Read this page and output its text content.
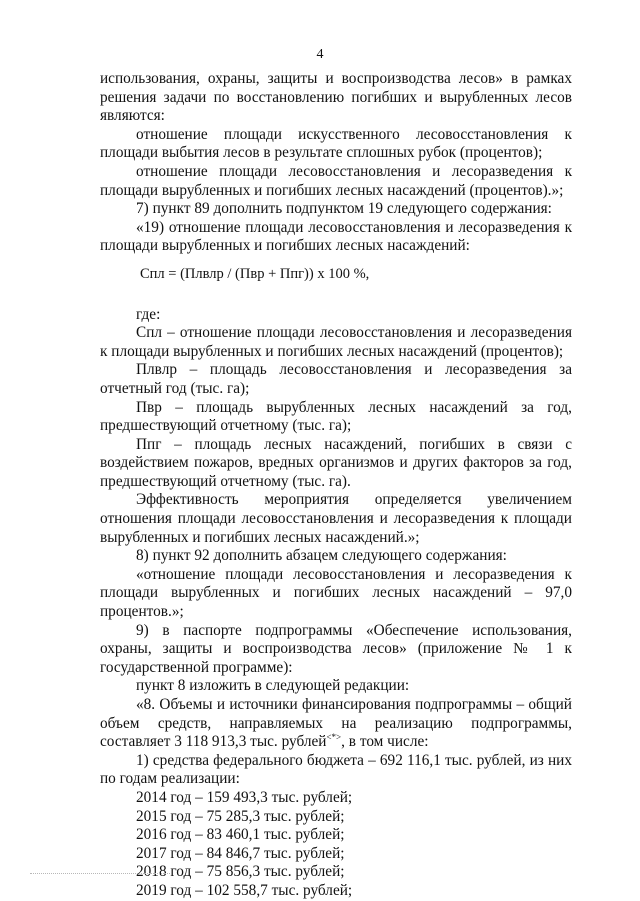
4

использования, охраны, защиты и воспроизводства лесов» в рамках решения задачи по восстановлению погибших и вырубленных лесов являются:

отношение площади искусственного лесовосстановления к площади выбытия лесов в результате сплошных рубок (процентов);

отношение площади лесовосстановления и лесоразведения к площади вырубленных и погибших лесных насаждений (процентов).»;

7) пункт 89 дополнить подпунктом 19 следующего содержания:

«19) отношение площади лесовосстановления и лесоразведения к площади вырубленных и погибших лесных насаждений:

Спл = (Плвлр / (Пвр + Ппг)) х 100 %,

где:

Спл – отношение площади лесовосстановления и лесоразведения к площади вырубленных и погибших лесных насаждений (процентов);

Плвлр – площадь лесовосстановления и лесоразведения за отчетный год (тыс. га);

Пвр – площадь вырубленных лесных насаждений за год, предшествующий отчетному (тыс. га);

Ппг – площадь лесных насаждений, погибших в связи с воздействием пожаров, вредных организмов и других факторов за год, предшествующий отчетному (тыс. га).

Эффективность мероприятия определяется увеличением отношения площади лесовосстановления и лесоразведения к площади вырубленных и погибших лесных насаждений.»;

8) пункт 92 дополнить абзацем следующего содержания:

«отношение площади лесовосстановления и лесоразведения к площади вырубленных и погибших лесных насаждений – 97,0 процентов.»;

9) в паспорте подпрограммы «Обеспечение использования, охраны, защиты и воспроизводства лесов» (приложение № 1 к государственной программе):

пункт 8 изложить в следующей редакции:

«8. Объемы и источники финансирования подпрограммы – общий объем средств, направляемых на реализацию подпрограммы, составляет 3 118 913,3 тыс. рублей<*>, в том числе:

1) средства федерального бюджета – 692 116,1 тыс. рублей, из них по годам реализации:

2014 год – 159 493,3 тыс. рублей;

2015 год – 75 285,3 тыс. рублей;

2016 год – 83 460,1 тыс. рублей;

2017 год – 84 846,7 тыс. рублей;

2018 год – 75 856,3 тыс. рублей;

2019 год – 102 558,7 тыс. рублей;
